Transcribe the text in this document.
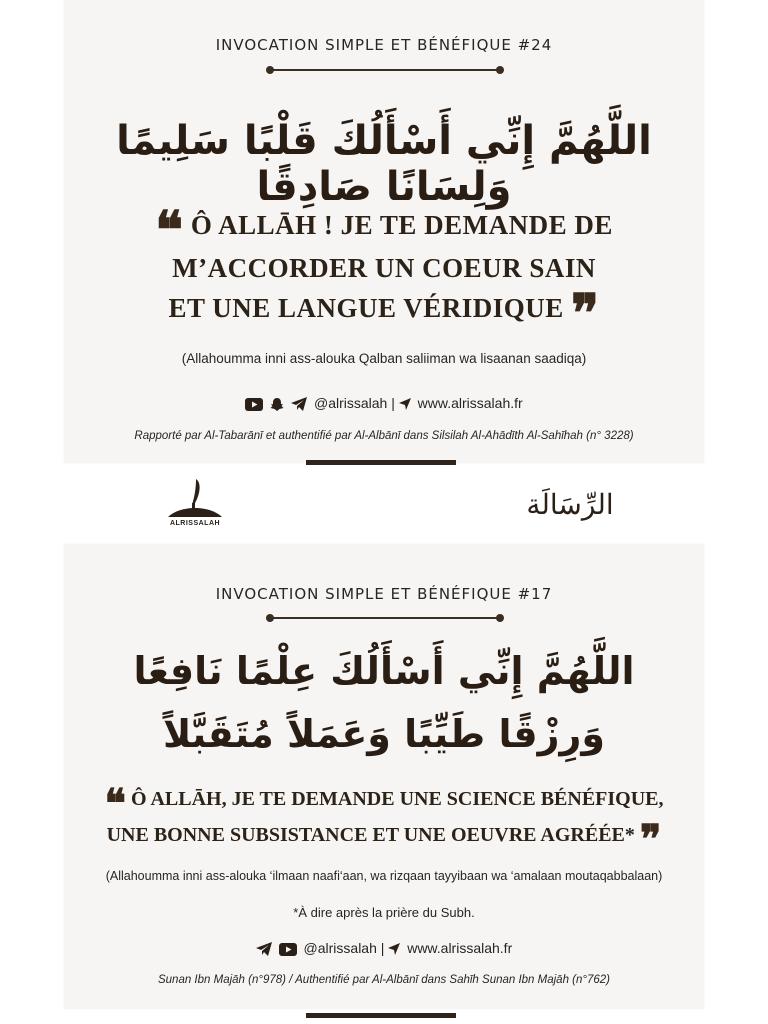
INVOCATION SIMPLE ET BÉNÉFIQUE #24
اللَّهُمَّ إِنِّي أَسْأَلُكَ قَلْبًا سَلِيمًا وَلِسَانًا صَادِقًا
❝ Ô ALLĀH ! JE TE DEMANDE DE
M’ACCORDER UN COEUR SAIN
ET UNE LANGUE VÉRIDIQUE ❞
(Allahoumma inni ass-alouka Qalban saliiman wa lisaanan saadiqa)
@alrissalah | www.alrissalah.fr
Rapporté par Al-Tabarānī et authentifié par Al-Albānī dans Silsilah Al-Ahādīth Al-Sahīhah (n° 3228)
ALRISSALAH
الرِّسَالَة
INVOCATION SIMPLE ET BÉNÉFIQUE #17
اللَّهُمَّ إِنِّي أَسْأَلُكَ عِلْمًا نَافِعًا
وَرِزْقًا طَيِّبًا وَعَمَلاً مُتَقَبَّلاً
❝ Ô ALLĀH, JE TE DEMANDE UNE SCIENCE BÉNÉFIQUE,
UNE BONNE SUBSISTANCE ET UNE OEUVRE AGRÉÉE* ❞
(Allahoumma inni ass-alouka ‘ilmaan naafi‘aan, wa rizqaan tayyibaan wa ‘amalaan moutaqabbalaan)
*À dire après la prière du Subh.
@alrissalah | www.alrissalah.fr
Sunan Ibn Majāh (n°978) / Authentifié par Al-Albānī dans Sahīh Sunan Ibn Majāh (n°762)
